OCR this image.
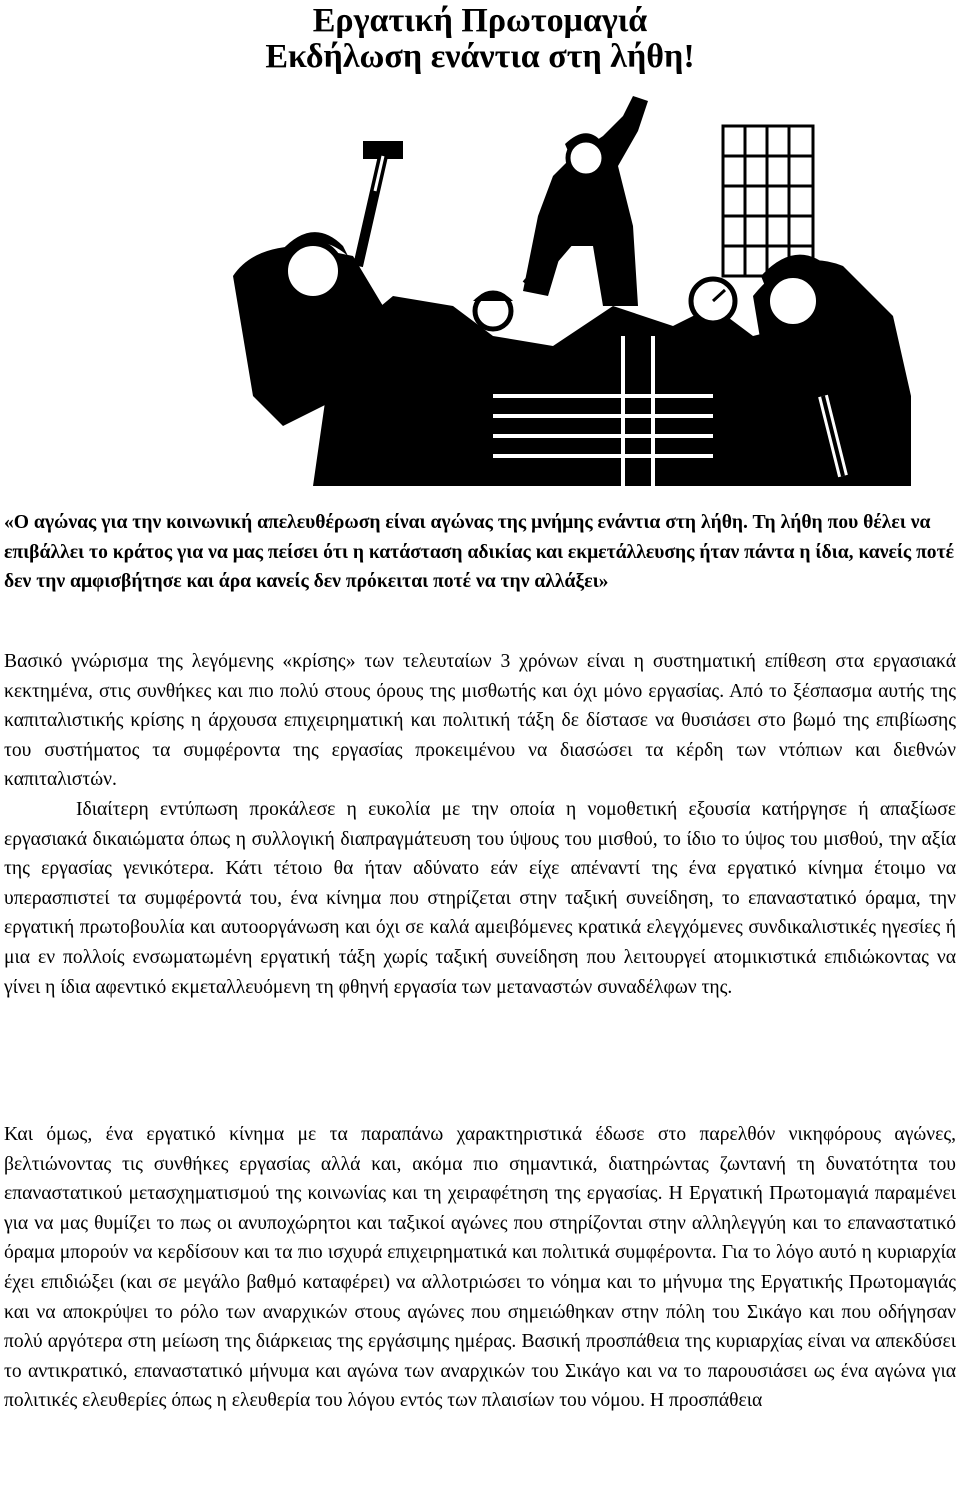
Εργατική Πρωτομαγιά
Εκδήλωση ενάντια στη λήθη!

«Ο αγώνας για την κοινωνική απελευθέρωση είναι αγώνας της μνήμης ενάντια στη λήθη. Τη λήθη που θέλει να επιβάλλει το κράτος για να μας πείσει ότι η κατάσταση αδικίας και εκμετάλλευσης ήταν πάντα η ίδια, κανείς ποτέ δεν την αμφισβήτησε και άρα κανείς δεν πρόκειται ποτέ να την αλλάξει»

Βασικό γνώρισμα της λεγόμενης «κρίσης» των τελευταίων 3 χρόνων είναι η συστηματική επίθεση στα εργασιακά κεκτημένα, στις συνθήκες και πιο πολύ στους όρους της μισθωτής και όχι μόνο εργασίας. Από το ξέσπασμα αυτής της καπιταλιστικής κρίσης η άρχουσα επιχειρηματική και πολιτική τάξη δε δίστασε να θυσιάσει στο βωμό της επιβίωσης του συστήματος τα συμφέροντα της εργασίας προκειμένου να διασώσει τα κέρδη των ντόπιων και διεθνών καπιταλιστών.
Ιδιαίτερη εντύπωση προκάλεσε η ευκολία με την οποία η νομοθετική εξουσία κατήργησε ή απαξίωσε εργασιακά δικαιώματα όπως η συλλογική διαπραγμάτευση του ύψους του μισθού, το ίδιο το ύψος του μισθού, την αξία της εργασίας γενικότερα. Κάτι τέτοιο θα ήταν αδύνατο εάν είχε απέναντί της ένα εργατικό κίνημα έτοιμο να υπερασπιστεί τα συμφέροντά του, ένα κίνημα που στηρίζεται στην ταξική συνείδηση, το επαναστατικό όραμα, την εργατική πρωτοβουλία και αυτοοργάνωση και όχι σε καλά αμειβόμενες κρατικά ελεγχόμενες συνδικαλιστικές ηγεσίες ή μια εν πολλοίς ενσωματωμένη εργατική τάξη χωρίς ταξική συνείδηση που λειτουργεί ατομικιστικά επιδιώκοντας να γίνει η ίδια αφεντικό εκμεταλλευόμενη τη φθηνή εργασία των μεταναστών συναδέλφων της.

Και όμως, ένα εργατικό κίνημα με τα παραπάνω χαρακτηριστικά έδωσε στο παρελθόν νικηφόρους αγώνες, βελτιώνοντας τις συνθήκες εργασίας αλλά και, ακόμα πιο σημαντικά, διατηρώντας ζωντανή τη δυνατότητα του επαναστατικού μετασχηματισμού της κοινωνίας και τη χειραφέτηση της εργασίας. Η Εργατική Πρωτομαγιά παραμένει για να μας θυμίζει το πως οι ανυποχώρητοι και ταξικοί αγώνες που στηρίζονται στην αλληλεγγύη και το επαναστατικό όραμα μπορούν να κερδίσουν και τα πιο ισχυρά επιχειρηματικά και πολιτικά συμφέροντα. Για το λόγο αυτό η κυριαρχία έχει επιδιώξει (και σε μεγάλο βαθμό καταφέρει) να αλλοτριώσει το νόημα και το μήνυμα της Εργατικής Πρωτομαγιάς και να αποκρύψει το ρόλο των αναρχικών στους αγώνες που σημειώθηκαν στην πόλη του Σικάγο και που οδήγησαν πολύ αργότερα στη μείωση της διάρκειας της εργάσιμης ημέρας. Βασική προσπάθεια της κυριαρχίας είναι να απεκδύσει το αντικρατικό, επαναστατικό μήνυμα και αγώνα των αναρχικών του Σικάγο και να το παρουσιάσει ως ένα αγώνα για πολιτικές ελευθερίες όπως η ελευθερία του λόγου εντός των πλαισίων του νόμου. Η προσπάθεια
